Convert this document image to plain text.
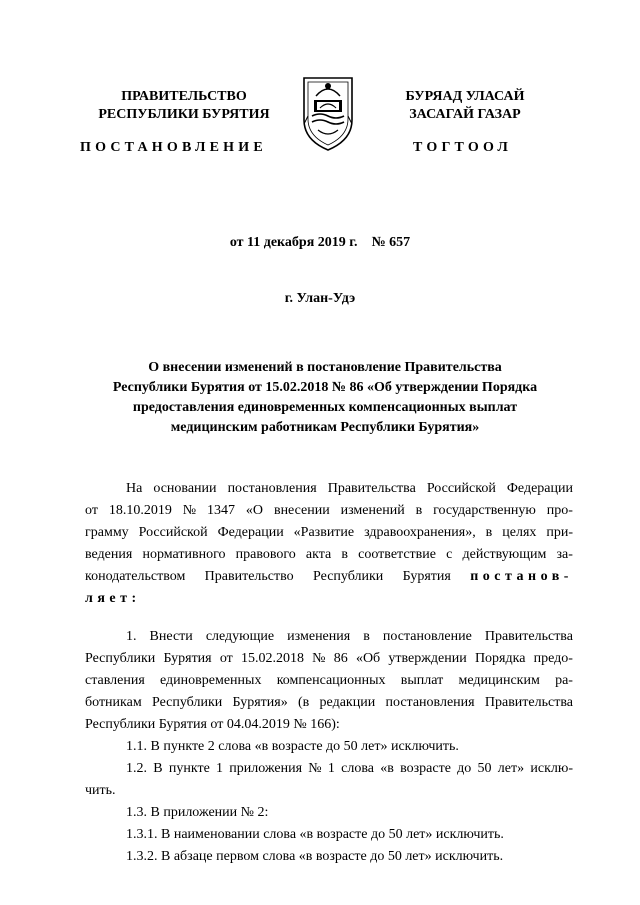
ПРАВИТЕЛЬСТВО
РЕСПУБЛИКИ БУРЯТИЯ
БУРЯАД УЛАСАЙ
ЗАСАГАЙ ГАЗАР
ПОСТАНОВЛЕНИЕ	ТОГТООЛ
от 11 декабря 2019 г. № 657
г. Улан-Удэ
О внесении изменений в постановление Правительства
Республики Бурятия от 15.02.2018 № 86 «Об утверждении Порядка
предоставления единовременных компенсационных выплат
медицинским работникам Республики Бурятия»
На основании постановления Правительства Российской Федерации
от 18.10.2019 № 1347 «О внесении изменений в государственную про-
грамму Российской Федерации «Развитие здравоохранения», в целях при-
ведения нормативного правового акта в соответствие с действующим за-
конодательством Правительство Республики Бурятия постанов-
ляет:
1. Внести следующие изменения в постановление Правительства
Республики Бурятия от 15.02.2018 № 86 «Об утверждении Порядка предо-
ставления единовременных компенсационных выплат медицинским ра-
ботникам Республики Бурятия» (в редакции постановления Правительства
Республики Бурятия от 04.04.2019 № 166):
1.1. В пункте 2 слова «в возрасте до 50 лет» исключить.
1.2. В пункте 1 приложения № 1 слова «в возрасте до 50 лет» исклю-
чить.
1.3. В приложении № 2:
1.3.1. В наименовании слова «в возрасте до 50 лет» исключить.
1.3.2. В абзаце первом слова «в возрасте до 50 лет» исключить.
